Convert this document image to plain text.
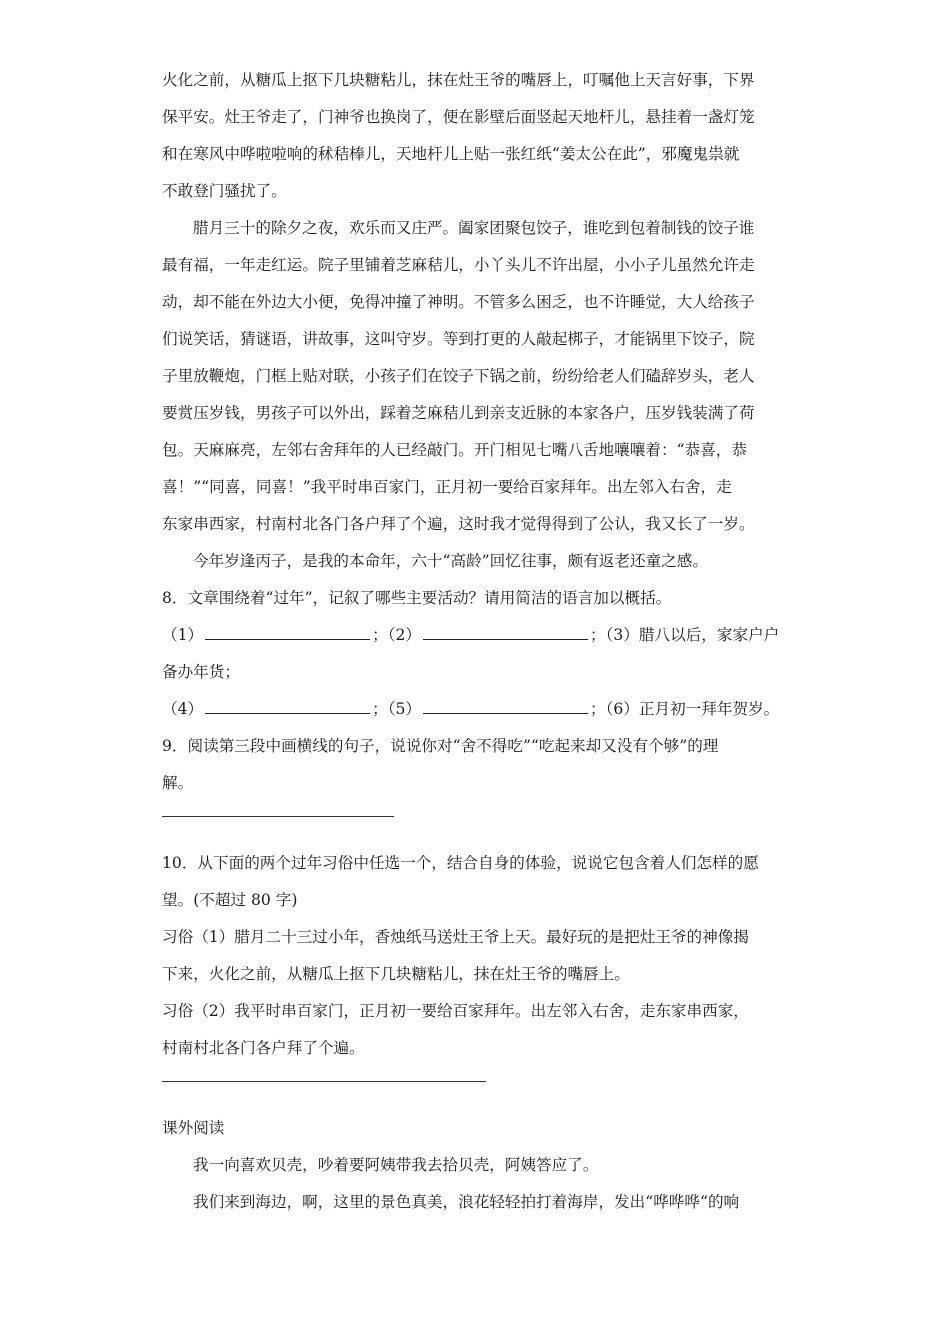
火化之前，从糖瓜上抠下几块糖粘儿，抹在灶王爷的嘴唇上，叮嘱他上天言好事，下界
保平安。灶王爷走了，门神爷也换岗了，便在影壁后面竖起天地杆儿，悬挂着一盏灯笼
和在寒风中哗啦啦响的秫秸棒儿，天地杆儿上贴一张红纸“姜太公在此”，邪魔鬼祟就
不敢登门骚扰了。
腊月三十的除夕之夜，欢乐而又庄严。阖家团聚包饺子，谁吃到包着制钱的饺子谁
最有福，一年走红运。院子里铺着芝麻秸儿，小丫头儿不许出屋，小小子儿虽然允许走
动，却不能在外边大小便，免得冲撞了神明。不管多么困乏，也不许睡觉，大人给孩子
们说笑话，猜谜语，讲故事，这叫守岁。等到打更的人敲起梆子，才能锅里下饺子，院
子里放鞭炮，门框上贴对联，小孩子们在饺子下锅之前，纷纷给老人们磕辞岁头，老人
要赏压岁钱，男孩子可以外出，踩着芝麻秸儿到亲支近脉的本家各户，压岁钱装满了荷
包。天麻麻亮，左邻右舍拜年的人已经敲门。开门相见七嘴八舌地嚷嚷着：“恭喜，恭
喜！”“同喜，同喜！”我平时串百家门，正月初一要给百家拜年。出左邻入右舍，走
东家串西家，村南村北各门各户拜了个遍，这时我才觉得得到了公认，我又长了一岁。
今年岁逢丙子，是我的本命年，六十“高龄”回忆往事，颇有返老还童之感。
8．文章围绕着“过年”，记叙了哪些主要活动？请用简洁的语言加以概括。
（1）	；（2）	；（3）腊八以后，家家户户
备办年货；
（4）	；（5）	；（6）正月初一拜年贺岁。
9．阅读第三段中画横线的句子，说说你对“舍不得吃”“吃起来却又没有个够”的理
解。
10．从下面的两个过年习俗中任选一个，结合自身的体验，说说它包含着人们怎样的愿
望。(不超过 80 字)
习俗（1）腊月二十三过小年，香烛纸马送灶王爷上天。最好玩的是把灶王爷的神像揭
下来，火化之前，从糖瓜上抠下几块糖粘儿，抹在灶王爷的嘴唇上。
习俗（2）我平时串百家门，正月初一要给百家拜年。出左邻入右舍，走东家串西家，
村南村北各门各户拜了个遍。
课外阅读
我一向喜欢贝壳，吵着要阿姨带我去拾贝壳，阿姨答应了。
我们来到海边，啊，这里的景色真美，浪花轻轻拍打着海岸，发出“哗哗哗“的响
